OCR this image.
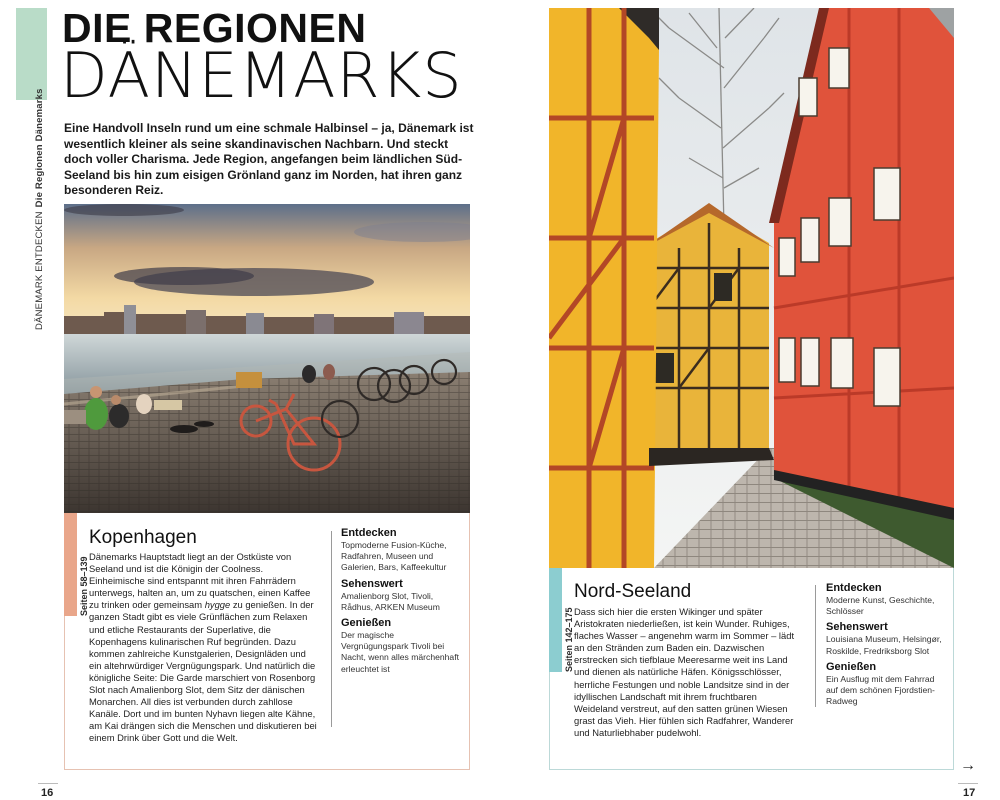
DÄNEMARK ENTDECKENDie Regionen Dänemarks
DIE REGIONEN
DÄNEMARKS

Eine Handvoll Inseln rund um eine schmale Halbinsel – ja, Dänemark ist wesentlich kleiner als seine skandinavischen Nachbarn. Und steckt doch voller Charisma. Jede Region, angefangen beim ländlichen Süd-Seeland bis hin zum eisigen Grönland ganz im Norden, hat ihren ganz besonderen Reiz.

Seiten 58–139
Kopenhagen

Dänemarks Hauptstadt liegt an der Ostküste von Seeland und ist die Königin der Coolness. Einheimische sind entspannt mit ihren Fahrrädern unterwegs, halten an, um zu quatschen, einen Kaffee zu trinken oder gemeinsam hygge zu genießen. In der ganzen Stadt gibt es viele Grünflächen zum Relaxen und etliche Restaurants der Superlative, die Kopenhagens kulinarischen Ruf begründen. Dazu kommen zahlreiche Kunstgalerien, Designläden und ein altehrwürdiger Vergnügungspark. Und natürlich die königliche Seite: Die Garde marschiert von Rosenborg Slot nach Amalienborg Slot, dem Sitz der dänischen Monarchen. All dies ist verbunden durch zahllose Kanäle. Dort und im bunten Nyhavn liegen alte Kähne, am Kai drängen sich die Menschen und diskutieren bei einem Drink über Gott und die Welt.

Entdecken
Topmoderne Fusion-Küche, Radfahren, Museen und Galerien, Bars, Kaffeekultur
Sehenswert
Amalienborg Slot, Tivoli, Rådhus, ARKEN Museum
Genießen
Der magische Vergnügungspark Tivoli bei Nacht, wenn alles märchenhaft erleuchtet ist
16
Seiten 142–175
Nord-Seeland

Dass sich hier die ersten Wikinger und später Aristokraten niederließen, ist kein Wunder. Ruhiges, flaches Wasser – angenehm warm im Sommer – lädt an den Stränden zum Baden ein. Dazwischen erstrecken sich tiefblaue Meeresarme weit ins Land und dienen als natürliche Häfen. Königsschlösser, herrliche Festungen und noble Landsitze sind in der idyllischen Landschaft mit ihrem fruchtbaren Weideland verstreut, auf den satten grünen Wiesen grast das Vieh. Hier fühlen sich Radfahrer, Wanderer und Naturliebhaber pudelwohl.

Entdecken
Moderne Kunst, Geschichte, Schlösser
Sehenswert
Louisiana Museum, Helsingør, Roskilde, Fredriksborg Slot
Genießen
Ein Ausflug mit dem Fahrrad auf dem schönen Fjordstien-Radweg
→
17
